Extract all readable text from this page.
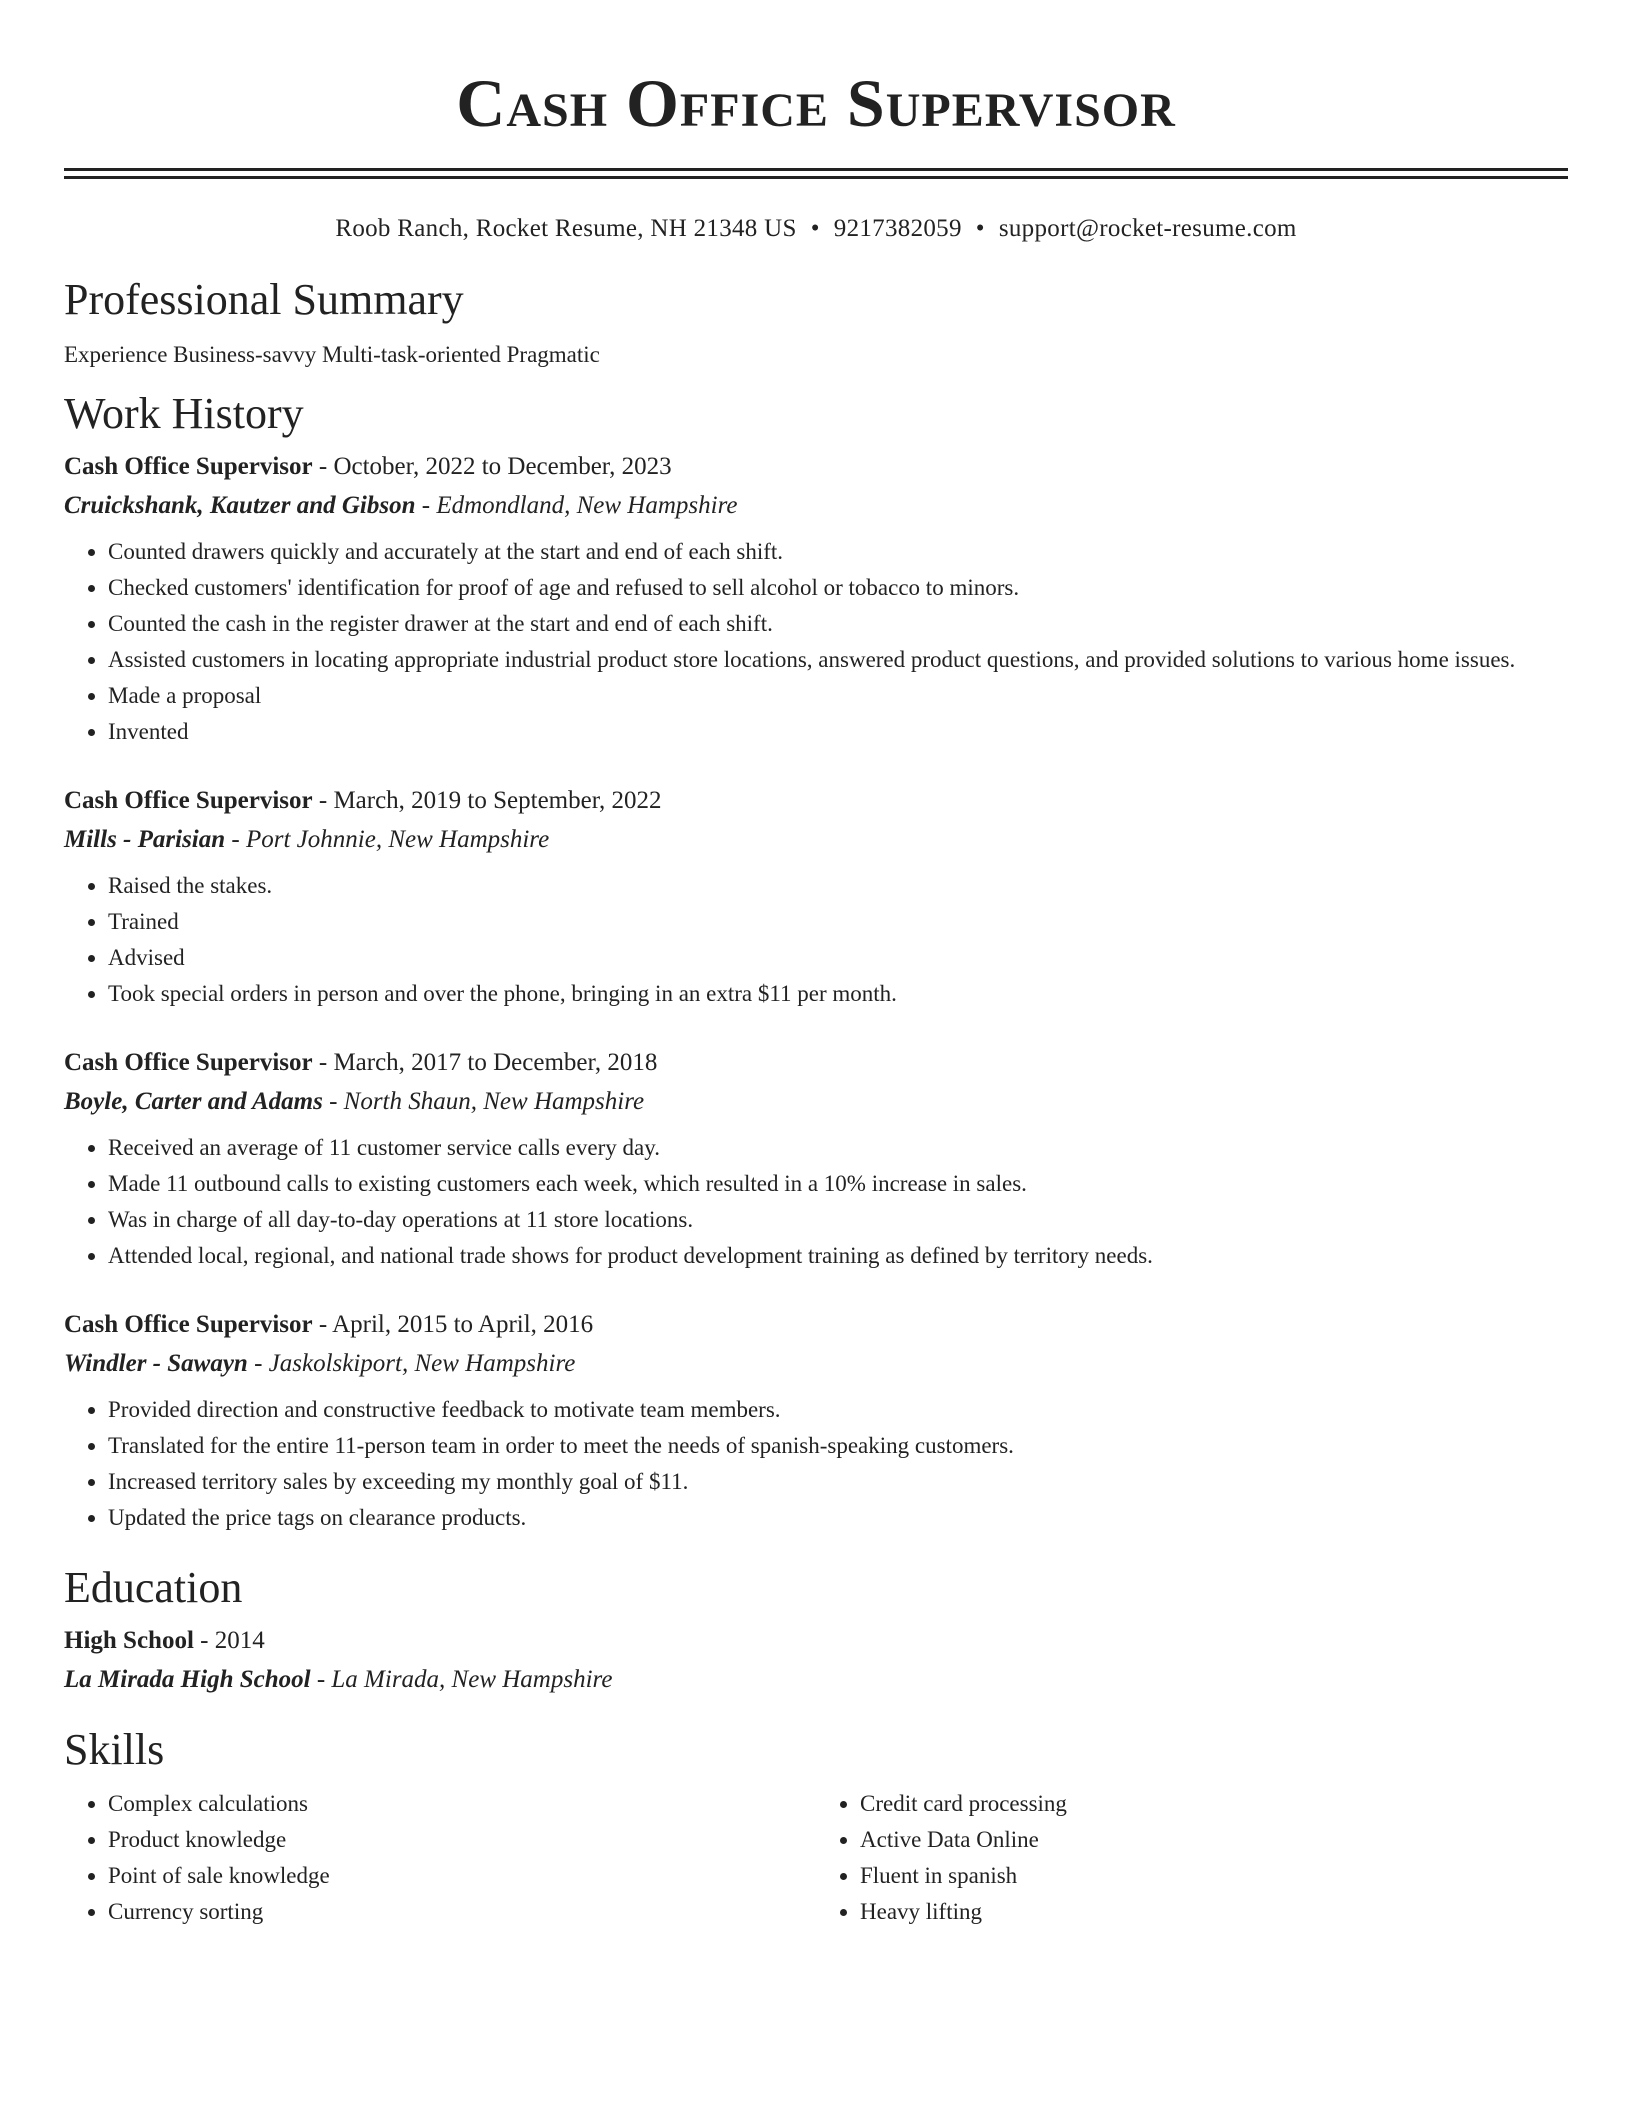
Cash Office Supervisor
Roob Ranch, Rocket Resume, NH 21348 US • 9217382059 • support@rocket-resume.com
Professional Summary
Experience Business-savvy Multi-task-oriented Pragmatic
Work History

Cash Office Supervisor - October, 2022 to December, 2023

Cruickshank, Kautzer and Gibson - Edmondland, New Hampshire

• Counted drawers quickly and accurately at the start and end of each shift.
• Checked customers' identification for proof of age and refused to sell alcohol or tobacco to minors.
• Counted the cash in the register drawer at the start and end of each shift.
• Assisted customers in locating appropriate industrial product store locations, answered product questions, and provided solutions to various home issues.
• Made a proposal
• Invented

Cash Office Supervisor - March, 2019 to September, 2022

Mills - Parisian - Port Johnnie, New Hampshire

• Raised the stakes.
• Trained
• Advised
• Took special orders in person and over the phone, bringing in an extra $11 per month.

Cash Office Supervisor - March, 2017 to December, 2018

Boyle, Carter and Adams - North Shaun, New Hampshire

• Received an average of 11 customer service calls every day.
• Made 11 outbound calls to existing customers each week, which resulted in a 10% increase in sales.
• Was in charge of all day-to-day operations at 11 store locations.
• Attended local, regional, and national trade shows for product development training as defined by territory needs.

Cash Office Supervisor - April, 2015 to April, 2016

Windler - Sawayn - Jaskolskiport, New Hampshire

• Provided direction and constructive feedback to motivate team members.
• Translated for the entire 11-person team in order to meet the needs of spanish-speaking customers.
• Increased territory sales by exceeding my monthly goal of $11.
• Updated the price tags on clearance products.
Education

High School - 2014

La Mirada High School - La Mirada, New Hampshire

Skills
• Complex calculations
• Product knowledge
• Point of sale knowledge
• Currency sorting
• Credit card processing
• Active Data Online
• Fluent in spanish
• Heavy lifting
